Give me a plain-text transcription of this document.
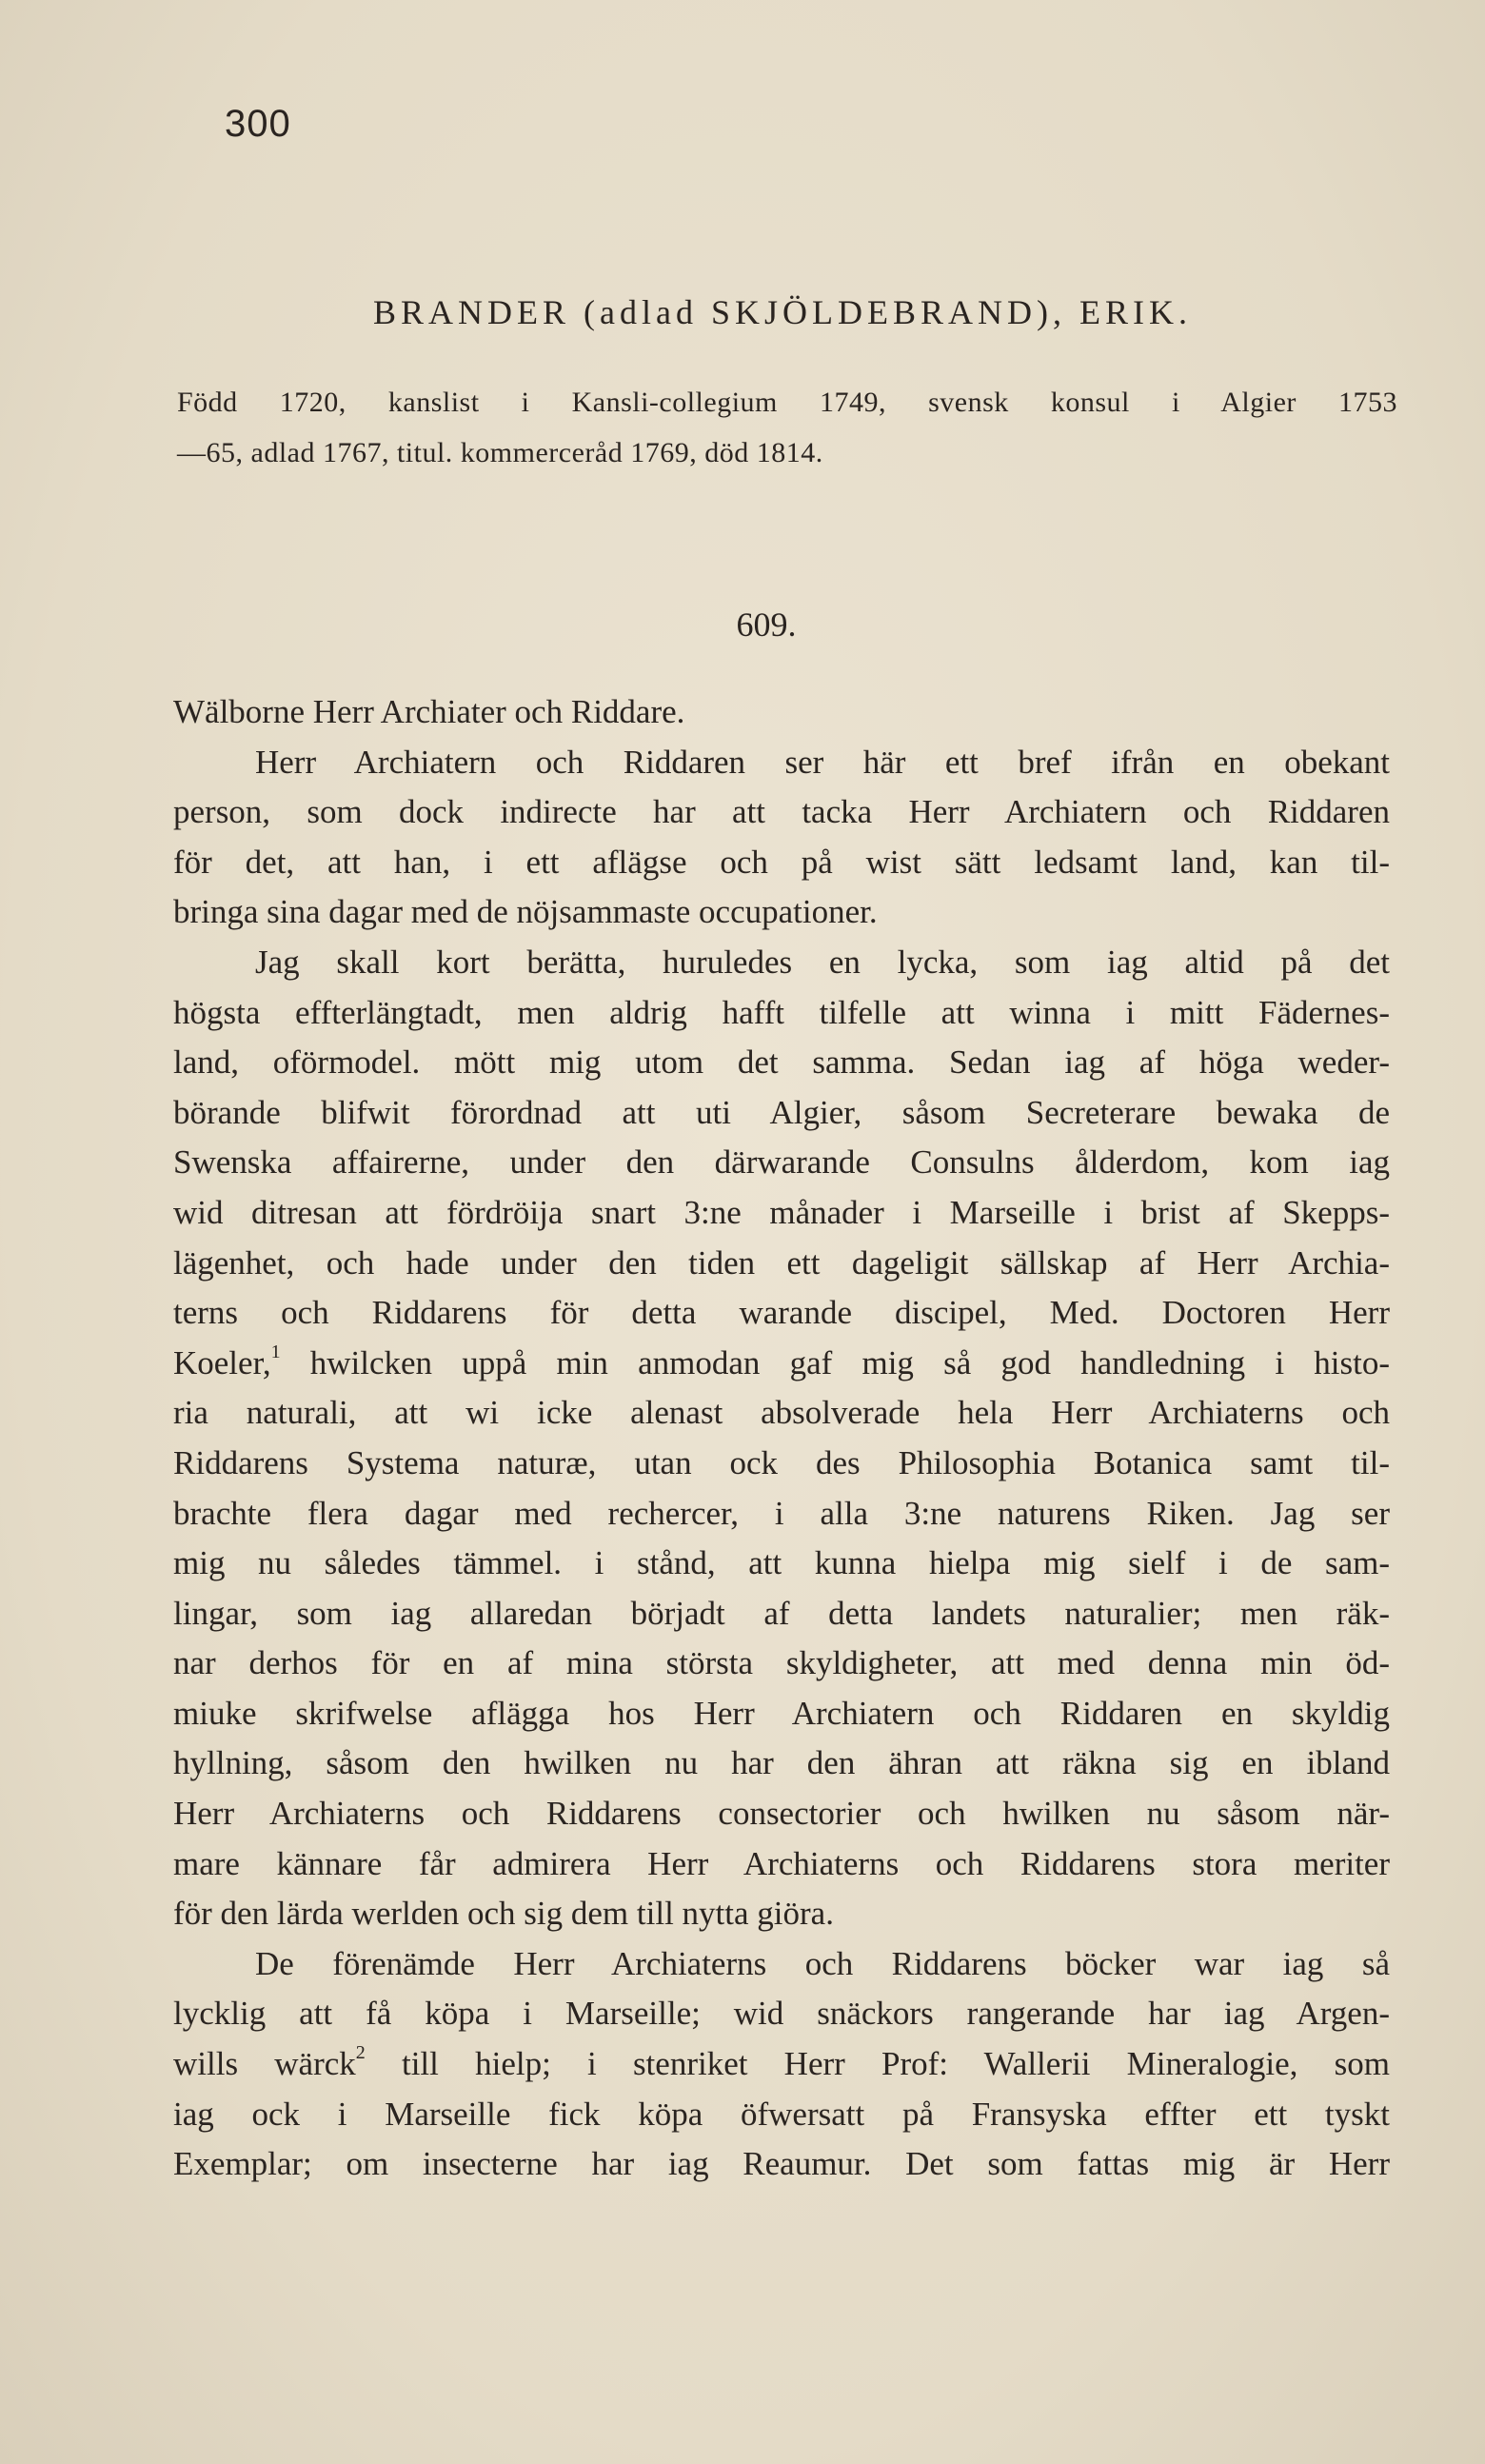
300
BRANDER (adlad SKJÖLDEBRAND), ERIK.
Född 1720, kanslist i Kansli-collegium 1749, svensk konsul i Algier 1753
—65, adlad 1767, titul. kommerceråd 1769, död 1814.
609.
Wälborne Herr Archiater och Riddare.
Herr Archiatern och Riddaren ser här ett bref ifrån en obekant
person, som dock indirecte har att tacka Herr Archiatern och Riddaren
för det, att han, i ett aflägse och på wist sätt ledsamt land, kan til-
bringa sina dagar med de nöjsammaste occupationer.
Jag skall kort berätta, huruledes en lycka, som iag altid på det
högsta effterlängtadt, men aldrig hafft tilfelle att winna i mitt Fädernes-
land, oförmodel. mött mig utom det samma. Sedan iag af höga weder-
börande blifwit förordnad att uti Algier, såsom Secreterare bewaka de
Swenska affairerne, under den därwarande Consulns ålderdom, kom iag
wid ditresan att fördröija snart 3:ne månader i Marseille i brist af Skepps-
lägenhet, och hade under den tiden ett dageligit sällskap af Herr Archia-
terns och Riddarens för detta warande discipel, Med. Doctoren Herr
Koeler,$^1$ hwilcken uppå min anmodan gaf mig så god handledning i histo-
ria naturali, att wi icke alenast absolverade hela Herr Archiaterns och
Riddarens Systema naturæ, utan ock des Philosophia Botanica samt til-
brachte flera dagar med rechercer, i alla 3:ne naturens Riken. Jag ser
mig nu således tämmel. i stånd, att kunna hielpa mig sielf i de sam-
lingar, som iag allaredan börjadt af detta landets naturalier; men räk-
nar derhos för en af mina största skyldigheter, att med denna min öd-
miuke skrifwelse aflägga hos Herr Archiatern och Riddaren en skyldig
hyllning, såsom den hwilken nu har den ähran att räkna sig en ibland
Herr Archiaterns och Riddarens consectorier och hwilken nu såsom när-
mare kännare får admirera Herr Archiaterns och Riddarens stora meriter
för den lärda werlden och sig dem till nytta giöra.
De förenämde Herr Archiaterns och Riddarens böcker war iag så
lycklig att få köpa i Marseille; wid snäckors rangerande har iag Argen-
wills wärck$^2$ till hielp; i stenriket Herr Prof: Wallerii Mineralogie, som
iag ock i Marseille fick köpa öfwersatt på Fransyska effter ett tyskt
Exemplar; om insecterne har iag Reaumur. Det som fattas mig är Herr
